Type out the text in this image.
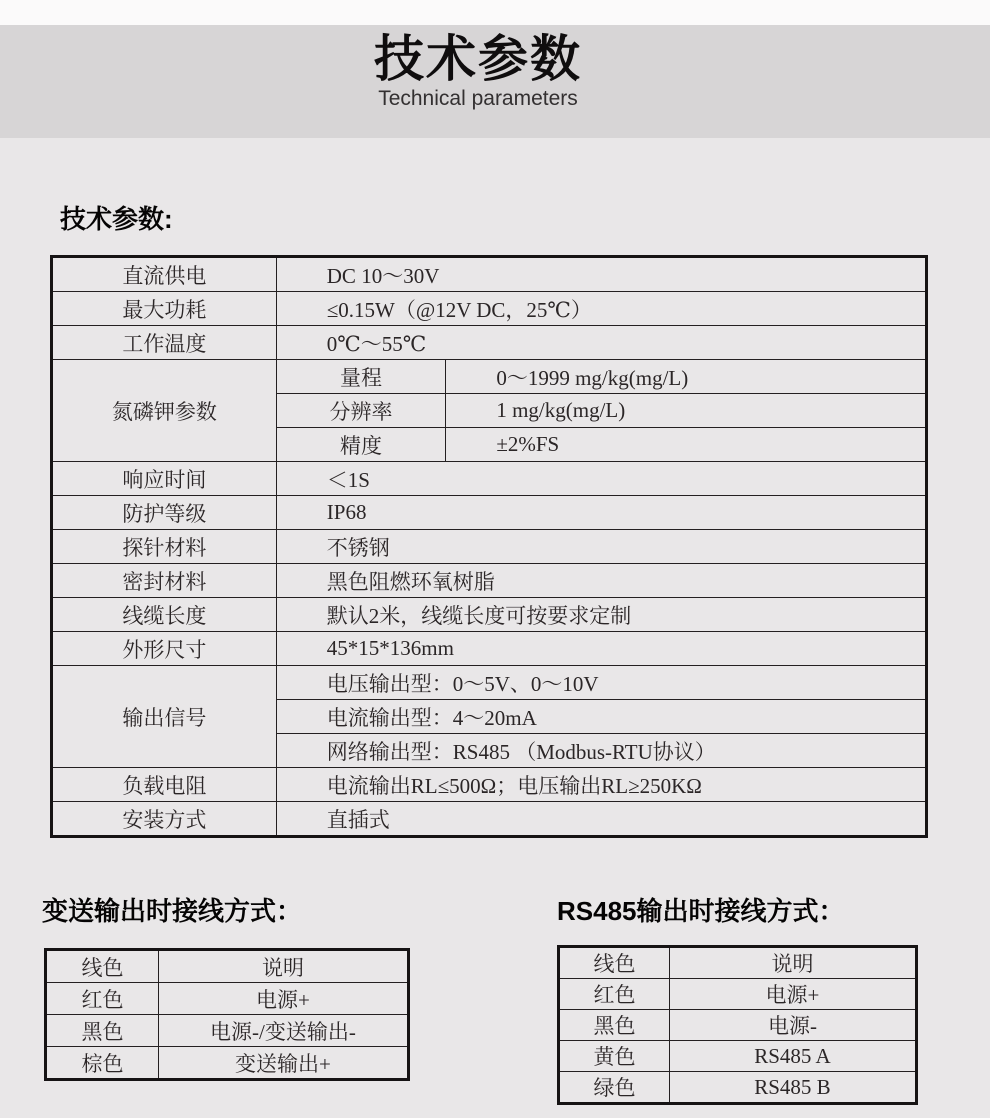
技术参数
Technical parameters
技术参数:
直流供电	DC 10～30V	
最大功耗	≤0.15W（@12V DC，25℃）	
工作温度	0℃～55℃	
氮磷钾参数	量程	0～1999 mg/kg(mg/L)
	分辨率	1 mg/kg(mg/L)
	精度	±2%FS
响应时间	＜1S	
防护等级	IP68	
探针材料	不锈钢	
密封材料	黑色阻燃环氧树脂	
线缆长度	默认2米，线缆长度可按要求定制	
外形尺寸	45*15*136mm	
输出信号	电压输出型：0～5V、0～10V	
	电流输出型：4～20mA	
	网络输出型：RS485 （Modbus-RTU协议）	
负载电阻	电流输出RL≤500Ω；电压输出RL≥250KΩ	
安装方式	直插式	
变送输出时接线方式：	RS485输出时接线方式：
线色	说明
红色	电源+
黑色	电源-/变送输出-
棕色	变送输出+
线色	说明
红色	电源+
黑色	电源-
黄色	RS485 A
绿色	RS485 B
